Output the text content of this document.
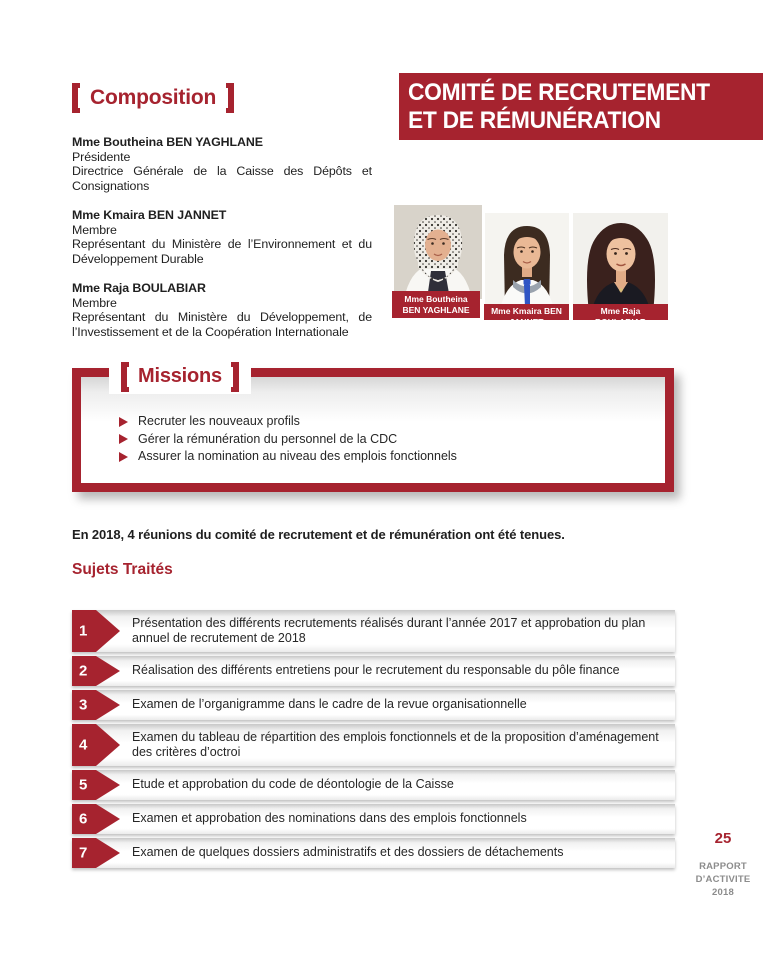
COMITÉ DE RECRUTEMENT
ET DE RÉMUNÉRATION
Composition
Mme Boutheina BEN YAGHLANE
Présidente
Directrice Générale de la Caisse des Dépôts et Consignations
Mme Kmaira BEN JANNET
Membre
Représentant du Ministère de l’Environnement et du Développement Durable
Mme Raja BOULABIAR
Membre
Représentant du Ministère du Développement, de l’Investissement et de la Coopération Internationale
Mme Boutheina
BEN YAGHLANE	Mme Kmaira BEN JANNET
Mme Raja BOULABIAR
Missions
Recruter les nouveaux profils
Gérer la rémunération du personnel de la CDC
Assurer la nomination au niveau des emplois fonctionnels
En 2018, 4 réunions du comité de recrutement et de rémunération ont été tenues.
Sujets Traités
1	Présentation des différents recrutements réalisés durant l’année 2017 et approbation du plan annuel de recrutement de 2018
2	Réalisation des différents entretiens pour le recrutement du responsable du pôle finance
3	Examen de l’organigramme dans le cadre de la revue organisationnelle
4	Examen du tableau de répartition des emplois fonctionnels et de la proposition d’aménagement des critères d’octroi
5	Etude et approbation du code de déontologie de la Caisse
6	Examen et approbation des nominations dans des emplois fonctionnels
7	Examen de quelques dossiers administratifs et des dossiers de détachements
25
RAPPORT
D’ACTIVITE
2018
